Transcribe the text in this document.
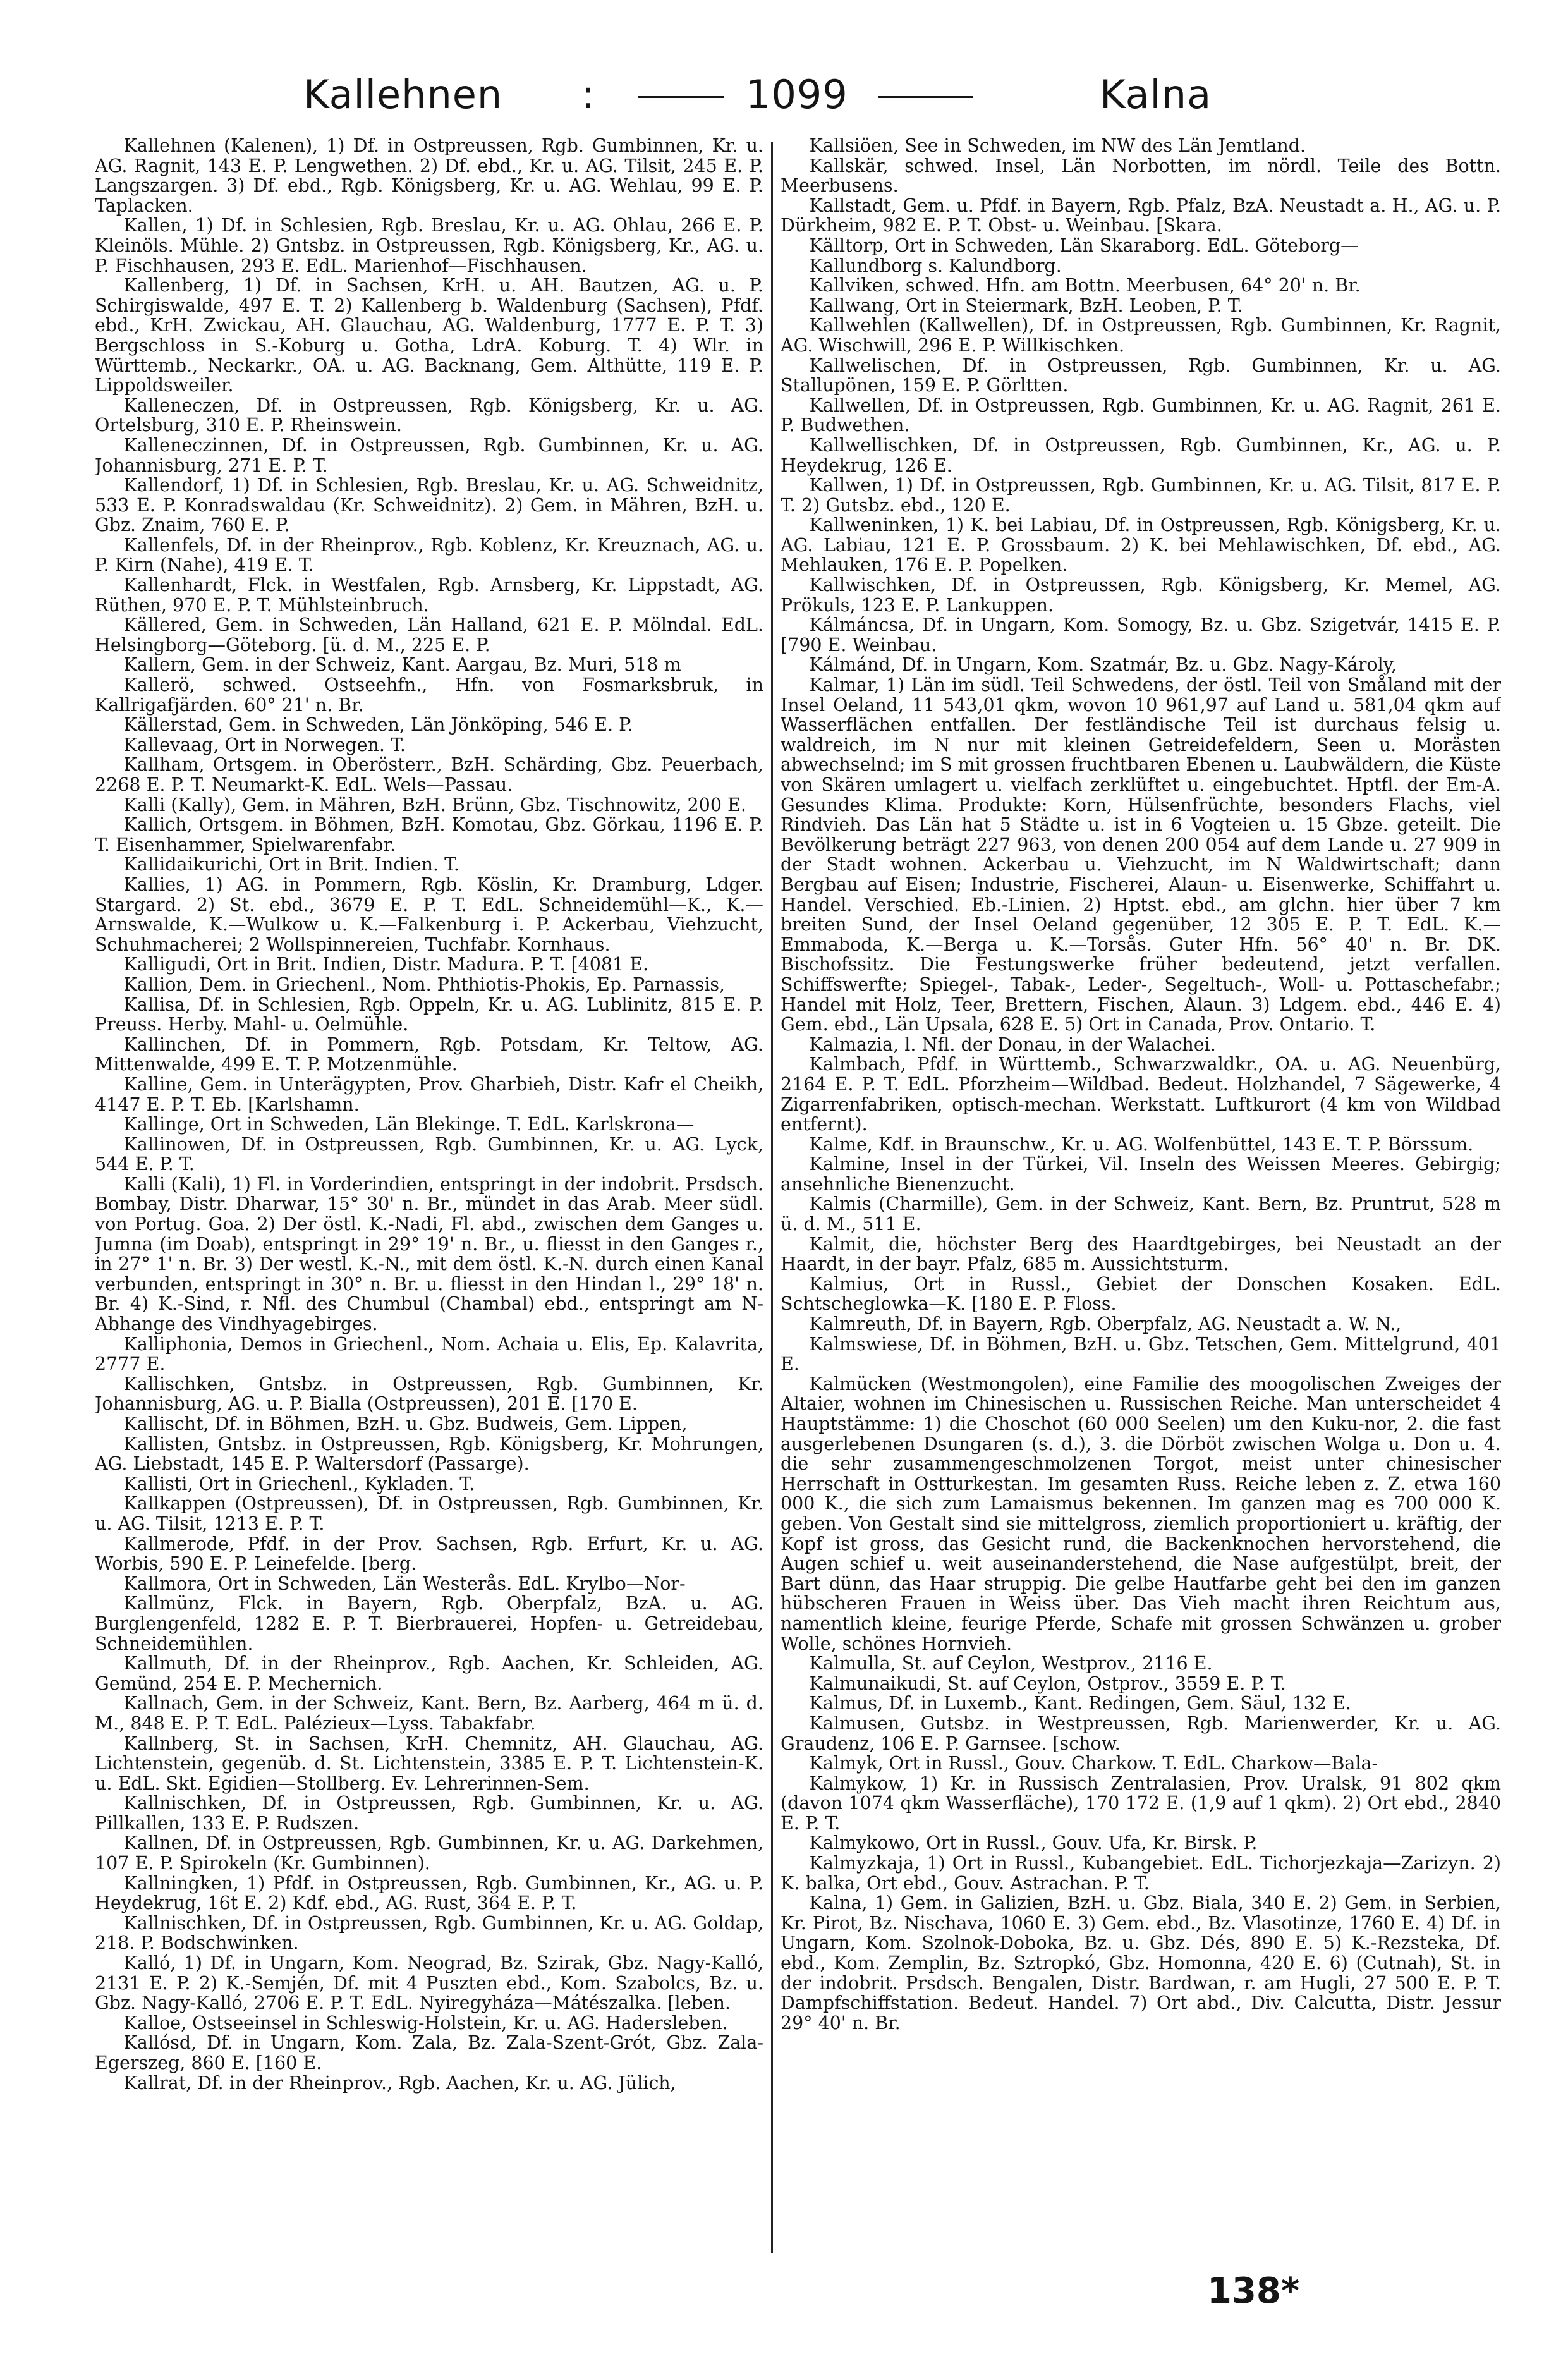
Kallehnen :	1099	Kalna

Kallehnen (Kalenen), 1) Df. in Ostpreussen, Rgb. Gumbinnen, Kr. u. AG. Ragnit, 143 E. P. Lengwethen. 2) Df. ebd., Kr. u. AG. Tilsit, 245 E. P. Langszargen. 3) Df. ebd., Rgb. Königsberg, Kr. u. AG. Wehlau, 99 E. P. Taplacken.

Kallen, 1) Df. in Schlesien, Rgb. Breslau, Kr. u. AG. Ohlau, 266 E. P. Kleinöls. Mühle. 2) Gntsbz. in Ostpreussen, Rgb. Königsberg, Kr., AG. u. P. Fischhausen, 293 E. EdL. Marienhof—Fischhausen.

Kallenberg, 1) Df. in Sachsen, KrH. u. AH. Bautzen, AG. u. P. Schirgiswalde, 497 E. T. 2) Kallenberg b. Waldenburg (Sachsen), Pfdf. ebd., KrH. Zwickau, AH. Glauchau, AG. Waldenburg, 1777 E. P. T. 3) Bergschloss in S.-Koburg u. Gotha, LdrA. Koburg. T. 4) Wlr. in Württemb., Neckarkr., OA. u. AG. Backnang, Gem. Althütte, 119 E. P. Lippoldsweiler.

Kalleneczen, Df. in Ostpreussen, Rgb. Königsberg, Kr. u. AG. Ortelsburg, 310 E. P. Rheinswein.

Kalleneczinnen, Df. in Ostpreussen, Rgb. Gumbinnen, Kr. u. AG. Johannisburg, 271 E. P. T.

Kallendorf, 1) Df. in Schlesien, Rgb. Breslau, Kr. u. AG. Schweidnitz, 533 E. P. Konradswaldau (Kr. Schweidnitz). 2) Gem. in Mähren, BzH. u. Gbz. Znaim, 760 E. P.

Kallenfels, Df. in der Rheinprov., Rgb. Koblenz, Kr. Kreuznach, AG. u. P. Kirn (Nahe), 419 E. T.

Kallenhardt, Flck. in Westfalen, Rgb. Arnsberg, Kr. Lippstadt, AG. Rüthen, 970 E. P. T. Mühlsteinbruch.

Källered, Gem. in Schweden, Län Halland, 621 E. P. Mölndal. EdL. Helsingborg—Göteborg. [ü. d. M., 225 E. P.

Kallern, Gem. in der Schweiz, Kant. Aargau, Bz. Muri, 518 m

Kallerö, schwed. Ostseehfn., Hfn. von Fosmarksbruk, in Kallrigafjärden. 60° 21' n. Br.

Källerstad, Gem. in Schweden, Län Jönköping, 546 E. P.

Kallevaag, Ort in Norwegen. T.

Kallham, Ortsgem. in Oberösterr., BzH. Schärding, Gbz. Peuerbach, 2268 E. P. T. Neumarkt-K. EdL. Wels—Passau.

Kalli (Kally), Gem. in Mähren, BzH. Brünn, Gbz. Tischnowitz, 200 E.

Kallich, Ortsgem. in Böhmen, BzH. Komotau, Gbz. Görkau, 1196 E. P. T. Eisenhammer, Spielwarenfabr.

Kallidaikurichi, Ort in Brit. Indien. T.

Kallies, 1) AG. in Pommern, Rgb. Köslin, Kr. Dramburg, Ldger. Stargard. 2) St. ebd., 3679 E. P. T. EdL. Schneidemühl—K., K.—Arnswalde, K.—Wulkow u. K.—Falkenburg i. P. Ackerbau, Viehzucht, Schuhmacherei; 2 Wollspinnereien, Tuchfabr. Kornhaus.

Kalligudi, Ort in Brit. Indien, Distr. Madura. P. T. [4081 E.

Kallion, Dem. in Griechenl., Nom. Phthiotis-Phokis, Ep. Parnassis,

Kallisa, Df. in Schlesien, Rgb. Oppeln, Kr. u. AG. Lublinitz, 815 E. P. Preuss. Herby. Mahl- u. Oelmühle.

Kallinchen, Df. in Pommern, Rgb. Potsdam, Kr. Teltow, AG. Mittenwalde, 499 E. T. P. Motzenmühle.

Kalline, Gem. in Unterägypten, Prov. Gharbieh, Distr. Kafr el Cheikh, 4147 E. P. T. Eb. [Karlshamn.

Kallinge, Ort in Schweden, Län Blekinge. T. EdL. Karlskrona—

Kallinowen, Df. in Ostpreussen, Rgb. Gumbinnen, Kr. u. AG. Lyck, 544 E. P. T.

Kalli (Kali), 1) Fl. in Vorderindien, entspringt in der indobrit. Prsdsch. Bombay, Distr. Dharwar, 15° 30' n. Br., mündet in das Arab. Meer südl. von Portug. Goa. 2) Der östl. K.-Nadi, Fl. abd., zwischen dem Ganges u. Jumna (im Doab), entspringt in 29° 19' n. Br., u. fliesst in den Ganges r., in 27° 1' n. Br. 3) Der westl. K.-N., mit dem östl. K.-N. durch einen Kanal verbunden, entspringt in 30° n. Br. u. fliesst in den Hindan l., 29° 18' n. Br. 4) K.-Sind, r. Nfl. des Chumbul (Chambal) ebd., entspringt am N-Abhange des Vindhyagebirges.

Kalliphonia, Demos in Griechenl., Nom. Achaia u. Elis, Ep. Kalavrita, 2777 E.

Kallischken, Gntsbz. in Ostpreussen, Rgb. Gumbinnen, Kr. Johannisburg, AG. u. P. Bialla (Ostpreussen), 201 E. [170 E.

Kallischt, Df. in Böhmen, BzH. u. Gbz. Budweis, Gem. Lippen,

Kallisten, Gntsbz. in Ostpreussen, Rgb. Königsberg, Kr. Mohrungen, AG. Liebstadt, 145 E. P. Waltersdorf (Passarge).

Kallisti, Ort in Griechenl., Kykladen. T.

Kallkappen (Ostpreussen), Df. in Ostpreussen, Rgb. Gumbinnen, Kr. u. AG. Tilsit, 1213 E. P. T.

Kallmerode, Pfdf. in der Prov. Sachsen, Rgb. Erfurt, Kr. u. AG. Worbis, 590 E. P. Leinefelde. [berg.

Kallmora, Ort in Schweden, Län Westerås. EdL. Krylbo—Nor-

Kallmünz, Flck. in Bayern, Rgb. Oberpfalz, BzA. u. AG. Burglengenfeld, 1282 E. P. T. Bierbrauerei, Hopfen- u. Getreidebau, Schneidemühlen.

Kallmuth, Df. in der Rheinprov., Rgb. Aachen, Kr. Schleiden, AG. Gemünd, 254 E. P. Mechernich.

Kallnach, Gem. in der Schweiz, Kant. Bern, Bz. Aarberg, 464 m ü. d. M., 848 E. P. T. EdL. Palézieux—Lyss. Tabakfabr.

Kallnberg, St. in Sachsen, KrH. Chemnitz, AH. Glauchau, AG. Lichtenstein, gegenüb. d. St. Lichtenstein, 3385 E. P. T. Lichtenstein-K. u. EdL. Skt. Egidien—Stollberg. Ev. Lehrerinnen-Sem.

Kallnischken, Df. in Ostpreussen, Rgb. Gumbinnen, Kr. u. AG. Pillkallen, 133 E. P. Rudszen.

Kallnen, Df. in Ostpreussen, Rgb. Gumbinnen, Kr. u. AG. Darkehmen, 107 E. P. Spirokeln (Kr. Gumbinnen).

Kallningken, 1) Pfdf. in Ostpreussen, Rgb. Gumbinnen, Kr., AG. u. P. Heydekrug, 16t E. 2) Kdf. ebd., AG. Rust, 364 E. P. T.

Kallnischken, Df. in Ostpreussen, Rgb. Gumbinnen, Kr. u. AG. Goldap, 218. P. Bodschwinken.

Kalló, 1) Df. in Ungarn, Kom. Neograd, Bz. Szirak, Gbz. Nagy-Kalló, 2131 E. P. 2) K.-Semjén, Df. mit 4 Puszten ebd., Kom. Szabolcs, Bz. u. Gbz. Nagy-Kalló, 2706 E. P. T. EdL. Nyiregyháza—Mátészalka. [leben.

Kalloe, Ostseeinsel in Schleswig-Holstein, Kr. u. AG. Hadersleben.

Kallósd, Df. in Ungarn, Kom. Zala, Bz. Zala-Szent-Grót, Gbz. Zala-Egerszeg, 860 E. [160 E.

Kallrat, Df. in der Rheinprov., Rgb. Aachen, Kr. u. AG. Jülich,

Kallsiöen, See in Schweden, im NW des Län Jemtland.

Kallskär, schwed. Insel, Län Norbotten, im nördl. Teile des Bottn. Meerbusens.

Kallstadt, Gem. u. Pfdf. in Bayern, Rgb. Pfalz, BzA. Neustadt a. H., AG. u. P. Dürkheim, 982 E. P. T. Obst- u. Weinbau. [Skara.

Källtorp, Ort in Schweden, Län Skaraborg. EdL. Göteborg—

Kallundborg s. Kalundborg.

Kallviken, schwed. Hfn. am Bottn. Meerbusen, 64° 20' n. Br.

Kallwang, Ort in Steiermark, BzH. Leoben, P. T.

Kallwehlen (Kallwellen), Df. in Ostpreussen, Rgb. Gumbinnen, Kr. Ragnit, AG. Wischwill, 296 E. P. Willkischken.

Kallwelischen, Df. in Ostpreussen, Rgb. Gumbinnen, Kr. u. AG. Stallupönen, 159 E. P. Görltten.

Kallwellen, Df. in Ostpreussen, Rgb. Gumbinnen, Kr. u. AG. Ragnit, 261 E. P. Budwethen.

Kallwellischken, Df. in Ostpreussen, Rgb. Gumbinnen, Kr., AG. u. P. Heydekrug, 126 E.

Kallwen, 1) Df. in Ostpreussen, Rgb. Gumbinnen, Kr. u. AG. Tilsit, 817 E. P. T. 2) Gutsbz. ebd., 120 E.

Kallweninken, 1) K. bei Labiau, Df. in Ostpreussen, Rgb. Königsberg, Kr. u. AG. Labiau, 121 E. P. Grossbaum. 2) K. bei Mehlawischken, Df. ebd., AG. Mehlauken, 176 E. P. Popelken.

Kallwischken, Df. in Ostpreussen, Rgb. Königsberg, Kr. Memel, AG. Prökuls, 123 E. P. Lankuppen.

Kálmáncsa, Df. in Ungarn, Kom. Somogy, Bz. u. Gbz. Szigetvár, 1415 E. P. [790 E. Weinbau.

Kálmánd, Df. in Ungarn, Kom. Szatmár, Bz. u. Gbz. Nagy-Károly,

Kalmar, 1) Län im südl. Teil Schwedens, der östl. Teil von Småland mit der Insel Oeland, 11 543,01 qkm, wovon 10 961,97 auf Land u. 581,04 qkm auf Wasserflächen entfallen. Der festländische Teil ist durchaus felsig u. waldreich, im N nur mit kleinen Getreidefeldern, Seen u. Morästen abwechselnd; im S mit grossen fruchtbaren Ebenen u. Laubwäldern, die Küste von Skären umlagert u. vielfach zerklüftet u. eingebuchtet. Hptfl. der Em-A. Gesundes Klima. Produkte: Korn, Hülsenfrüchte, besonders Flachs, viel Rindvieh. Das Län hat 5 Städte u. ist in 6 Vogteien u. 15 Gbze. geteilt. Die Bevölkerung beträgt 227 963, von denen 200 054 auf dem Lande u. 27 909 in der Stadt wohnen. Ackerbau u. Viehzucht, im N Waldwirtschaft; dann Bergbau auf Eisen; Industrie, Fischerei, Alaun- u. Eisenwerke, Schiffahrt u. Handel. Verschied. Eb.-Linien. 2) Hptst. ebd., am glchn. hier über 7 km breiten Sund, der Insel Oeland gegenüber, 12 305 E. P. T. EdL. K.—Emmaboda, K.—Berga u. K.—Torsås. Guter Hfn. 56° 40' n. Br. DK. Bischofssitz. Die Festungswerke früher bedeutend, jetzt verfallen. Schiffswerfte; Spiegel-, Tabak-, Leder-, Segeltuch-, Woll- u. Pottaschefabr.; Handel mit Holz, Teer, Brettern, Fischen, Alaun. 3) Ldgem. ebd., 446 E. 4) Gem. ebd., Län Upsala, 628 E. 5) Ort in Canada, Prov. Ontario. T.

Kalmazia, l. Nfl. der Donau, in der Walachei.

Kalmbach, Pfdf. in Württemb., Schwarzwaldkr., OA. u. AG. Neuenbürg, 2164 E. P. T. EdL. Pforzheim—Wildbad. Bedeut. Holzhandel, 7 Sägewerke, 4 Zigarrenfabriken, optisch-mechan. Werkstatt. Luftkurort (4 km von Wildbad entfernt).

Kalme, Kdf. in Braunschw., Kr. u. AG. Wolfenbüttel, 143 E. T. P. Börssum.

Kalmine, Insel in der Türkei, Vil. Inseln des Weissen Meeres. Gebirgig; ansehnliche Bienenzucht.

Kalmis (Charmille), Gem. in der Schweiz, Kant. Bern, Bz. Pruntrut, 528 m ü. d. M., 511 E.

Kalmit, die, höchster Berg des Haardtgebirges, bei Neustadt an der Haardt, in der bayr. Pfalz, 685 m. Aussichtsturm.

Kalmius, Ort in Russl., Gebiet der Donschen Kosaken. EdL. Schtscheglowka—K. [180 E. P. Floss.

Kalmreuth, Df. in Bayern, Rgb. Oberpfalz, AG. Neustadt a. W. N.,

Kalmswiese, Df. in Böhmen, BzH. u. Gbz. Tetschen, Gem. Mittelgrund, 401 E.

Kalmücken (Westmongolen), eine Familie des moogolischen Zweiges der Altaier, wohnen im Chinesischen u. Russischen Reiche. Man unterscheidet 4 Hauptstämme: 1) die Choschot (60 000 Seelen) um den Kuku-nor, 2. die fast ausgerlebenen Dsungaren (s. d.), 3. die Dörböt zwischen Wolga u. Don u. 4. die sehr zusammengeschmolzenen Torgot, meist unter chinesischer Herrschaft in Ostturkestan. Im gesamten Russ. Reiche leben z. Z. etwa 160 000 K., die sich zum Lamaismus bekennen. Im ganzen mag es 700 000 K. geben. Von Gestalt sind sie mittelgross, ziemlich proportioniert u. kräftig, der Kopf ist gross, das Gesicht rund, die Backenknochen hervorstehend, die Augen schief u. weit auseinanderstehend, die Nase aufgestülpt, breit, der Bart dünn, das Haar struppig. Die gelbe Hautfarbe geht bei den im ganzen hübscheren Frauen in Weiss über. Das Vieh macht ihren Reichtum aus, namentlich kleine, feurige Pferde, Schafe mit grossen Schwänzen u. grober Wolle, schönes Hornvieh.

Kalmulla, St. auf Ceylon, Westprov., 2116 E.

Kalmunaikudi, St. auf Ceylon, Ostprov., 3559 E. P. T.

Kalmus, Df. in Luxemb., Kant. Redingen, Gem. Säul, 132 E.

Kalmusen, Gutsbz. in Westpreussen, Rgb. Marienwerder, Kr. u. AG. Graudenz, 106 E. P. Garnsee. [schow.

Kalmyk, Ort in Russl., Gouv. Charkow. T. EdL. Charkow—Bala-

Kalmykow, 1) Kr. in Russisch Zentralasien, Prov. Uralsk, 91 802 qkm (davon 1074 qkm Wasserfläche), 170 172 E. (1,9 auf 1 qkm). 2) Ort ebd., 2840 E. P. T.

Kalmykowo, Ort in Russl., Gouv. Ufa, Kr. Birsk. P.

Kalmyzkaja, 1) Ort in Russl., Kubangebiet. EdL. Tichorjezkaja—Zarizyn. 2) K. balka, Ort ebd., Gouv. Astrachan. P. T.

Kalna, 1) Gem. in Galizien, BzH. u. Gbz. Biala, 340 E. 2) Gem. in Serbien, Kr. Pirot, Bz. Nischava, 1060 E. 3) Gem. ebd., Bz. Vlasotinze, 1760 E. 4) Df. in Ungarn, Kom. Szolnok-Doboka, Bz. u. Gbz. Dés, 890 E. 5) K.-Rezsteka, Df. ebd., Kom. Zemplin, Bz. Sztropkó, Gbz. Homonna, 420 E. 6) (Cutnah), St. in der indobrit. Prsdsch. Bengalen, Distr. Bardwan, r. am Hugli, 27 500 E. P. T. Dampfschiffstation. Bedeut. Handel. 7) Ort abd., Div. Calcutta, Distr. Jessur 29° 40' n. Br.

138*
